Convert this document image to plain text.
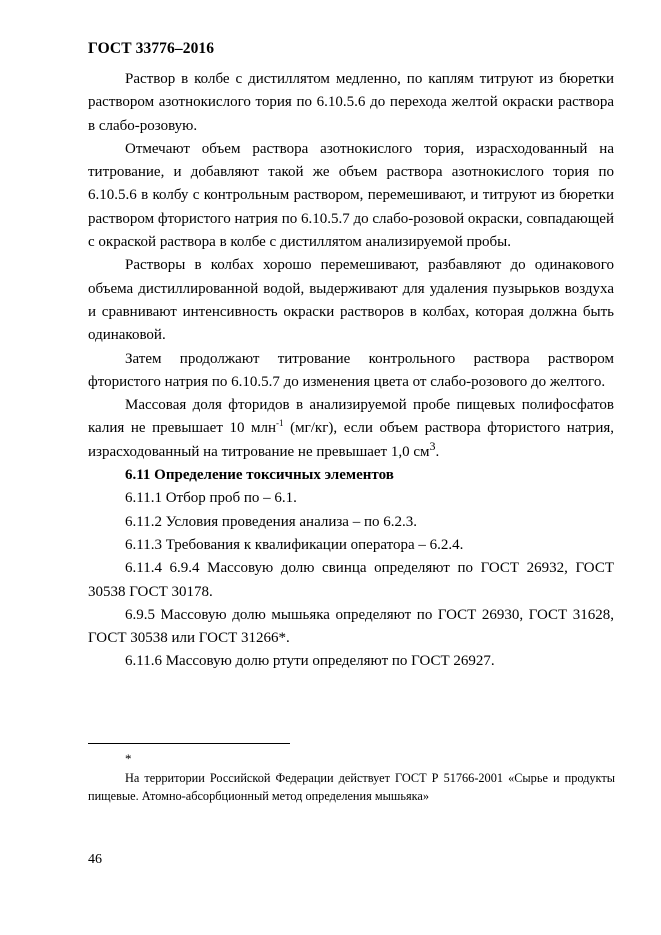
ГОСТ 33776–2016

Раствор в колбе с дистиллятом медленно, по каплям титруют из бюретки раствором азотнокислого тория по 6.10.5.6 до перехода желтой окраски раствора в слабо-розовую.

Отмечают объем раствора азотнокислого тория, израсходованный на титрование, и добавляют такой же объем раствора азотнокислого тория по 6.10.5.6 в колбу с контрольным раствором, перемешивают, и титруют из бюретки раствором фтористого натрия по 6.10.5.7 до слабо-розовой окраски, совпадающей с окраской раствора в колбе с дистиллятом анализируемой пробы.

Растворы в колбах хорошо перемешивают, разбавляют до одинакового объема дистиллированной водой, выдерживают для удаления пузырьков воздуха и сравнивают интенсивность окраски растворов в колбах, которая должна быть одинаковой.

Затем продолжают титрование контрольного раствора раствором фтористого натрия по 6.10.5.7 до изменения цвета от слабо-розового до желтого.

Массовая доля фторидов в анализируемой пробе пищевых полифосфатов калия не превышает 10 млн$^{-1}$ (мг/кг), если объем раствора фтористого натрия, израсходованный на титрование не превышает 1,0 $см^3$.

6.11 Определение токсичных элементов

6.11.1 Отбор проб по – 6.1.

6.11.2 Условия проведения анализа – по 6.2.3.

6.11.3 Требования к квалификации оператора – 6.2.4.

6.11.4 6.9.4 Массовую долю свинца определяют по ГОСТ 26932, ГОСТ 30538 ГОСТ 30178.

6.9.5 Массовую долю мышьяка определяют по ГОСТ 26930, ГОСТ 31628, ГОСТ 30538 или ГОСТ 31266*.

6.11.6 Массовую долю ртути определяют по ГОСТ 26927.

*
На территории Российской Федерации действует ГОСТ Р 51766-2001 «Сырье и продукты пищевые. Атомно-абсорбционный метод определения мышьяка»
46
